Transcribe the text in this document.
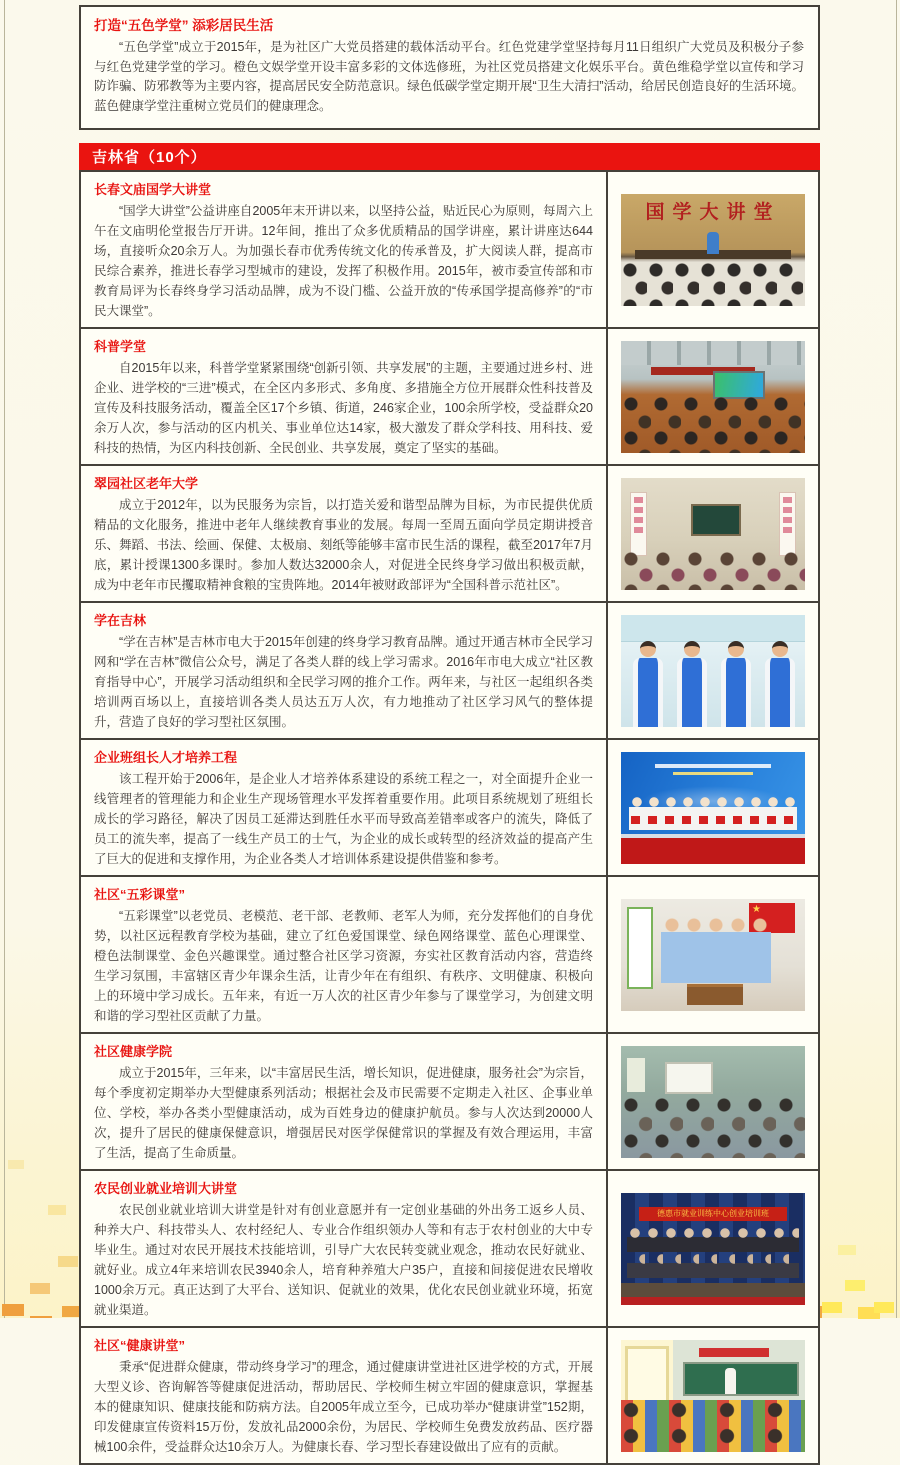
打造“五色学堂” 添彩居民生活

“五色学堂”成立于2015年，是为社区广大党员搭建的载体活动平台。红色党建学堂坚持每月11日组织广大党员及积极分子参与红色党建学堂的学习。橙色文娱学堂开设丰富多彩的文体选修班，为社区党员搭建文化娱乐平台。黄色维稳学堂以宣传和学习防诈骗、防邪教等为主要内容，提高居民安全防范意识。绿色低碳学堂定期开展“卫生大清扫”活动，给居民创造良好的生活环境。蓝色健康学堂注重树立党员们的健康理念。

吉林省（10个）
长春文庙国学大讲堂

“国学大讲堂”公益讲座自2005年末开讲以来，以坚持公益，贴近民心为原则，每周六上午在文庙明伦堂报告厅开讲。12年间，推出了众多优质精品的国学讲座，累计讲座达644场，直接听众20余万人。为加强长春市优秀传统文化的传承普及，扩大阅读人群，提高市民综合素养，推进长春学习型城市的建设，发挥了积极作用。2015年，被市委宣传部和市教育局评为长春终身学习活动品牌，成为不设门槛、公益开放的“传承国学提高修养”的“市民大课堂”。

国学大讲堂
科普学堂

自2015年以来，科普学堂紧紧围绕“创新引领、共享发展”的主题，主要通过进乡村、进企业、进学校的“三进”模式，在全区内多形式、多角度、多措施全方位开展群众性科技普及宣传及科技服务活动，覆盖全区17个乡镇、街道，246家企业，100余所学校，受益群众20余万人次，参与活动的区内机关、事业单位达14家，极大激发了群众学科技、用科技、爱科技的热情，为区内科技创新、全民创业、共享发展，奠定了坚实的基础。

翠园社区老年大学

成立于2012年，以为民服务为宗旨，以打造关爱和谐型品牌为目标，为市民提供优质精品的文化服务，推进中老年人继续教育事业的发展。每周一至周五面向学员定期讲授音乐、舞蹈、书法、绘画、保健、太极扇、刻纸等能够丰富市民生活的课程，截至2017年7月底，累计授课1300多课时。参加人数达32000余人，对促进全民终身学习做出积极贡献，成为中老年市民攫取精神食粮的宝贵阵地。2014年被财政部评为“全国科普示范社区”。

学在吉林

“学在吉林”是吉林市电大于2015年创建的终身学习教育品牌。通过开通吉林市全民学习网和“学在吉林”微信公众号，满足了各类人群的线上学习需求。2016年市电大成立“社区教育指导中心”，开展学习活动组织和全民学习网的推介工作。两年来，与社区一起组织各类培训两百场以上，直接培训各类人员达五万人次，有力地推动了社区学习风气的整体提升，营造了良好的学习型社区氛围。

企业班组长人才培养工程

该工程开始于2006年，是企业人才培养体系建设的系统工程之一，对全面提升企业一线管理者的管理能力和企业生产现场管理水平发挥着重要作用。此项目系统规划了班组长成长的学习路径，解决了因员工延滞达到胜任水平而导致高差错率或客户的流失，降低了员工的流失率，提高了一线生产员工的士气，为企业的成长或转型的经济效益的提高产生了巨大的促进和支撑作用，为企业各类人才培训体系建设提供借鉴和参考。

社区“五彩课堂”

“五彩课堂”以老党员、老模范、老干部、老教师、老军人为师，充分发挥他们的自身优势，以社区远程教育学校为基础，建立了红色爱国课堂、绿色网络课堂、蓝色心理课堂、橙色法制课堂、金色兴趣课堂。通过整合社区学习资源，夯实社区教育活动内容，营造终生学习氛围，丰富辖区青少年课余生活，让青少年在有组织、有秩序、文明健康、积极向上的环境中学习成长。五年来，有近一万人次的社区青少年参与了课堂学习，为创建文明和谐的学习型社区贡献了力量。

★
社区健康学院

成立于2015年，三年来，以“丰富居民生活，增长知识，促进健康，服务社会”为宗旨，每个季度初定期举办大型健康系列活动；根据社会及市民需要不定期走入社区、企事业单位、学校，举办各类小型健康活动，成为百姓身边的健康护航员。参与人次达到20000人次，提升了居民的健康保健意识，增强居民对医学保健常识的掌握及有效合理运用，丰富了生活，提高了生命质量。

农民创业就业培训大讲堂

农民创业就业培训大讲堂是针对有创业意愿并有一定创业基础的外出务工返乡人员、种养大户、科技带头人、农村经纪人、专业合作组织领办人等和有志于农村创业的大中专毕业生。通过对农民开展技术技能培训，引导广大农民转变就业观念，推动农民好就业、就好业。成立4年来培训农民3940余人，培育种养殖大户35户，直接和间接促进农民增收1000余万元。真正达到了大平台、送知识、促就业的效果，优化农民创业就业环境，拓宽就业渠道。

德惠市就业训练中心创业培训班
社区“健康讲堂”

秉承“促进群众健康，带动终身学习”的理念，通过健康讲堂进社区进学校的方式，开展大型义诊、咨询解答等健康促进活动，帮助居民、学校师生树立牢固的健康意识，掌握基本的健康知识、健康技能和防病方法。自2005年成立至今，已成功举办“健康讲堂”152期，印发健康宣传资料15万份，发放礼品2000余份，为居民、学校师生免费发放药品、医疗器械100余件，受益群众达10余万人。为健康长春、学习型长春建设做出了应有的贡献。
